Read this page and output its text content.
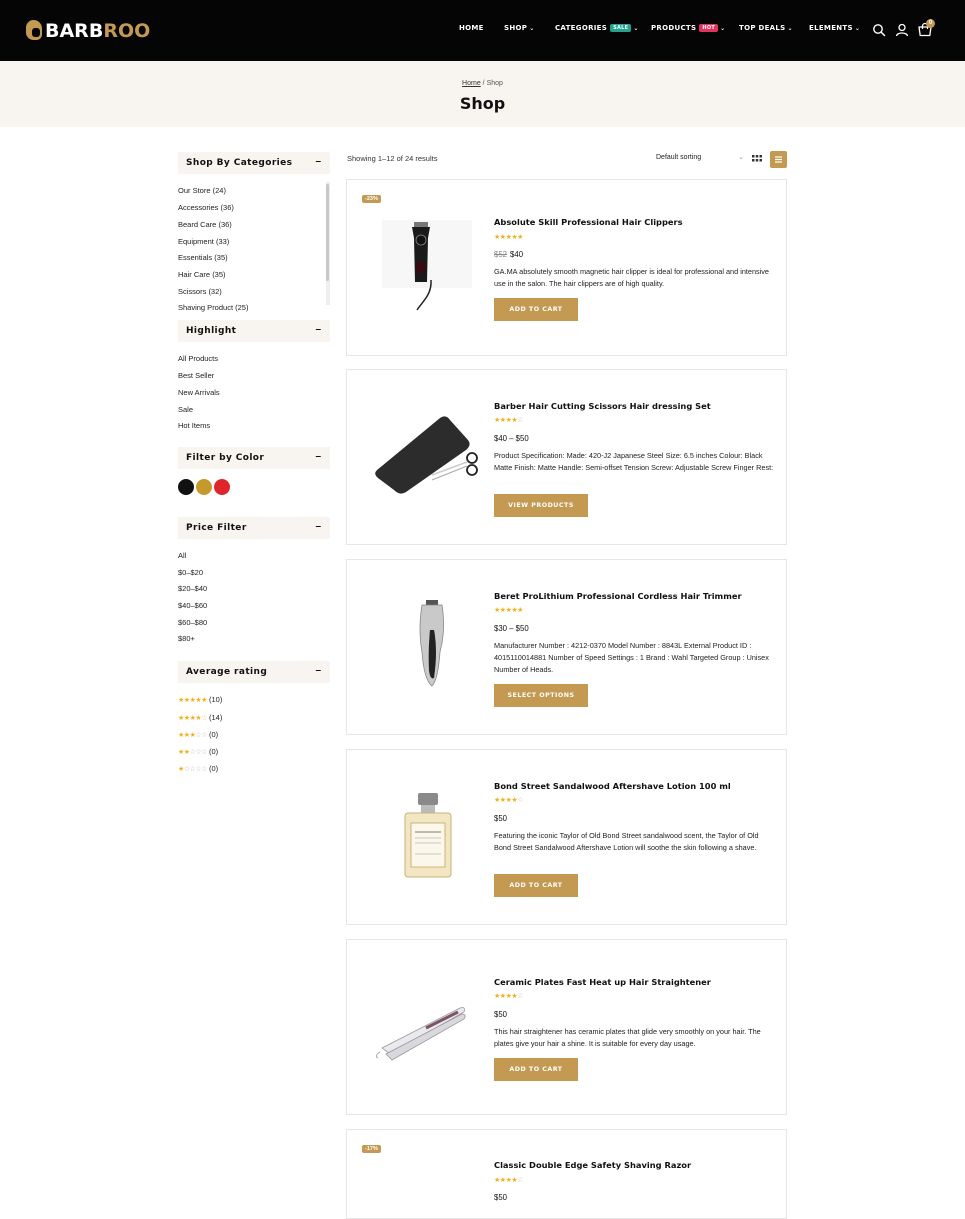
BARBROO	HOME	SHOP ⌄	CATEGORIES	SALE ⌄ PRODUCTS	HOT ⌄ TOP DEALS ⌄ ELEMENTS ⌄
0
Home / Shop
Shop
Shop By Categories –
Our Store (24)
Accessories (36)
Beard Care (36)
Equipment (33)
Essentials (35)
Hair Care (35)
Scissors (32)
Shaving Product (25)
Highlight	–
All Products
Best Seller
New Arrivals
Sale
Hot Items
Filter by Color	–
Price Filter	–
All
$0–$20
$20–$40
$40–$60
$60–$80
$80+
Average rating	–
★★★★★ (10)
★★★★☆ (14)
★★★☆☆ (0)
★★☆☆☆ (0)
★☆☆☆☆ (0)
Showing 1–12 of 24 results	Default sorting	⌄
-23%
Absolute Skill Professional Hair Clippers
★★★★★
$52 $40
GA.MA absolutely smooth magnetic hair clipper is ideal for professional and intensive use in the salon. The hair clippers are of high quality.
ADD TO CART
Barber Hair Cutting Scissors Hair dressing Set
★★★★☆
$40 – $50
Product Specification: Made: 420-J2 Japanese Steel Size: 6.5 inches Colour: Black Matte Finish: Matte Handle: Semi-offset Tension Screw: Adjustable Screw Finger Rest:
VIEW PRODUCTS
Beret ProLithium Professional Cordless Hair Trimmer
★★★★★
$30 – $50
Manufacturer Number : 4212-0370 Model Number : 8843L External Product ID : 4015110014881 Number of Speed Settings : 1 Brand : Wahl Targeted Group : Unisex Number of Heads.
SELECT OPTIONS
Bond Street Sandalwood Aftershave Lotion 100 ml
★★★★☆
$50
Featuring the iconic Taylor of Old Bond Street sandalwood scent, the Taylor of Old Bond Street Sandalwood Aftershave Lotion will soothe the skin following a shave.
ADD TO CART
Ceramic Plates Fast Heat up Hair Straightener
★★★★☆
$50
This hair straightener has ceramic plates that glide very smoothly on your hair. The plates give your hair a shine. It is suitable for every day usage.
ADD TO CART
-17%
Classic Double Edge Safety Shaving Razor
★★★★☆
$50
